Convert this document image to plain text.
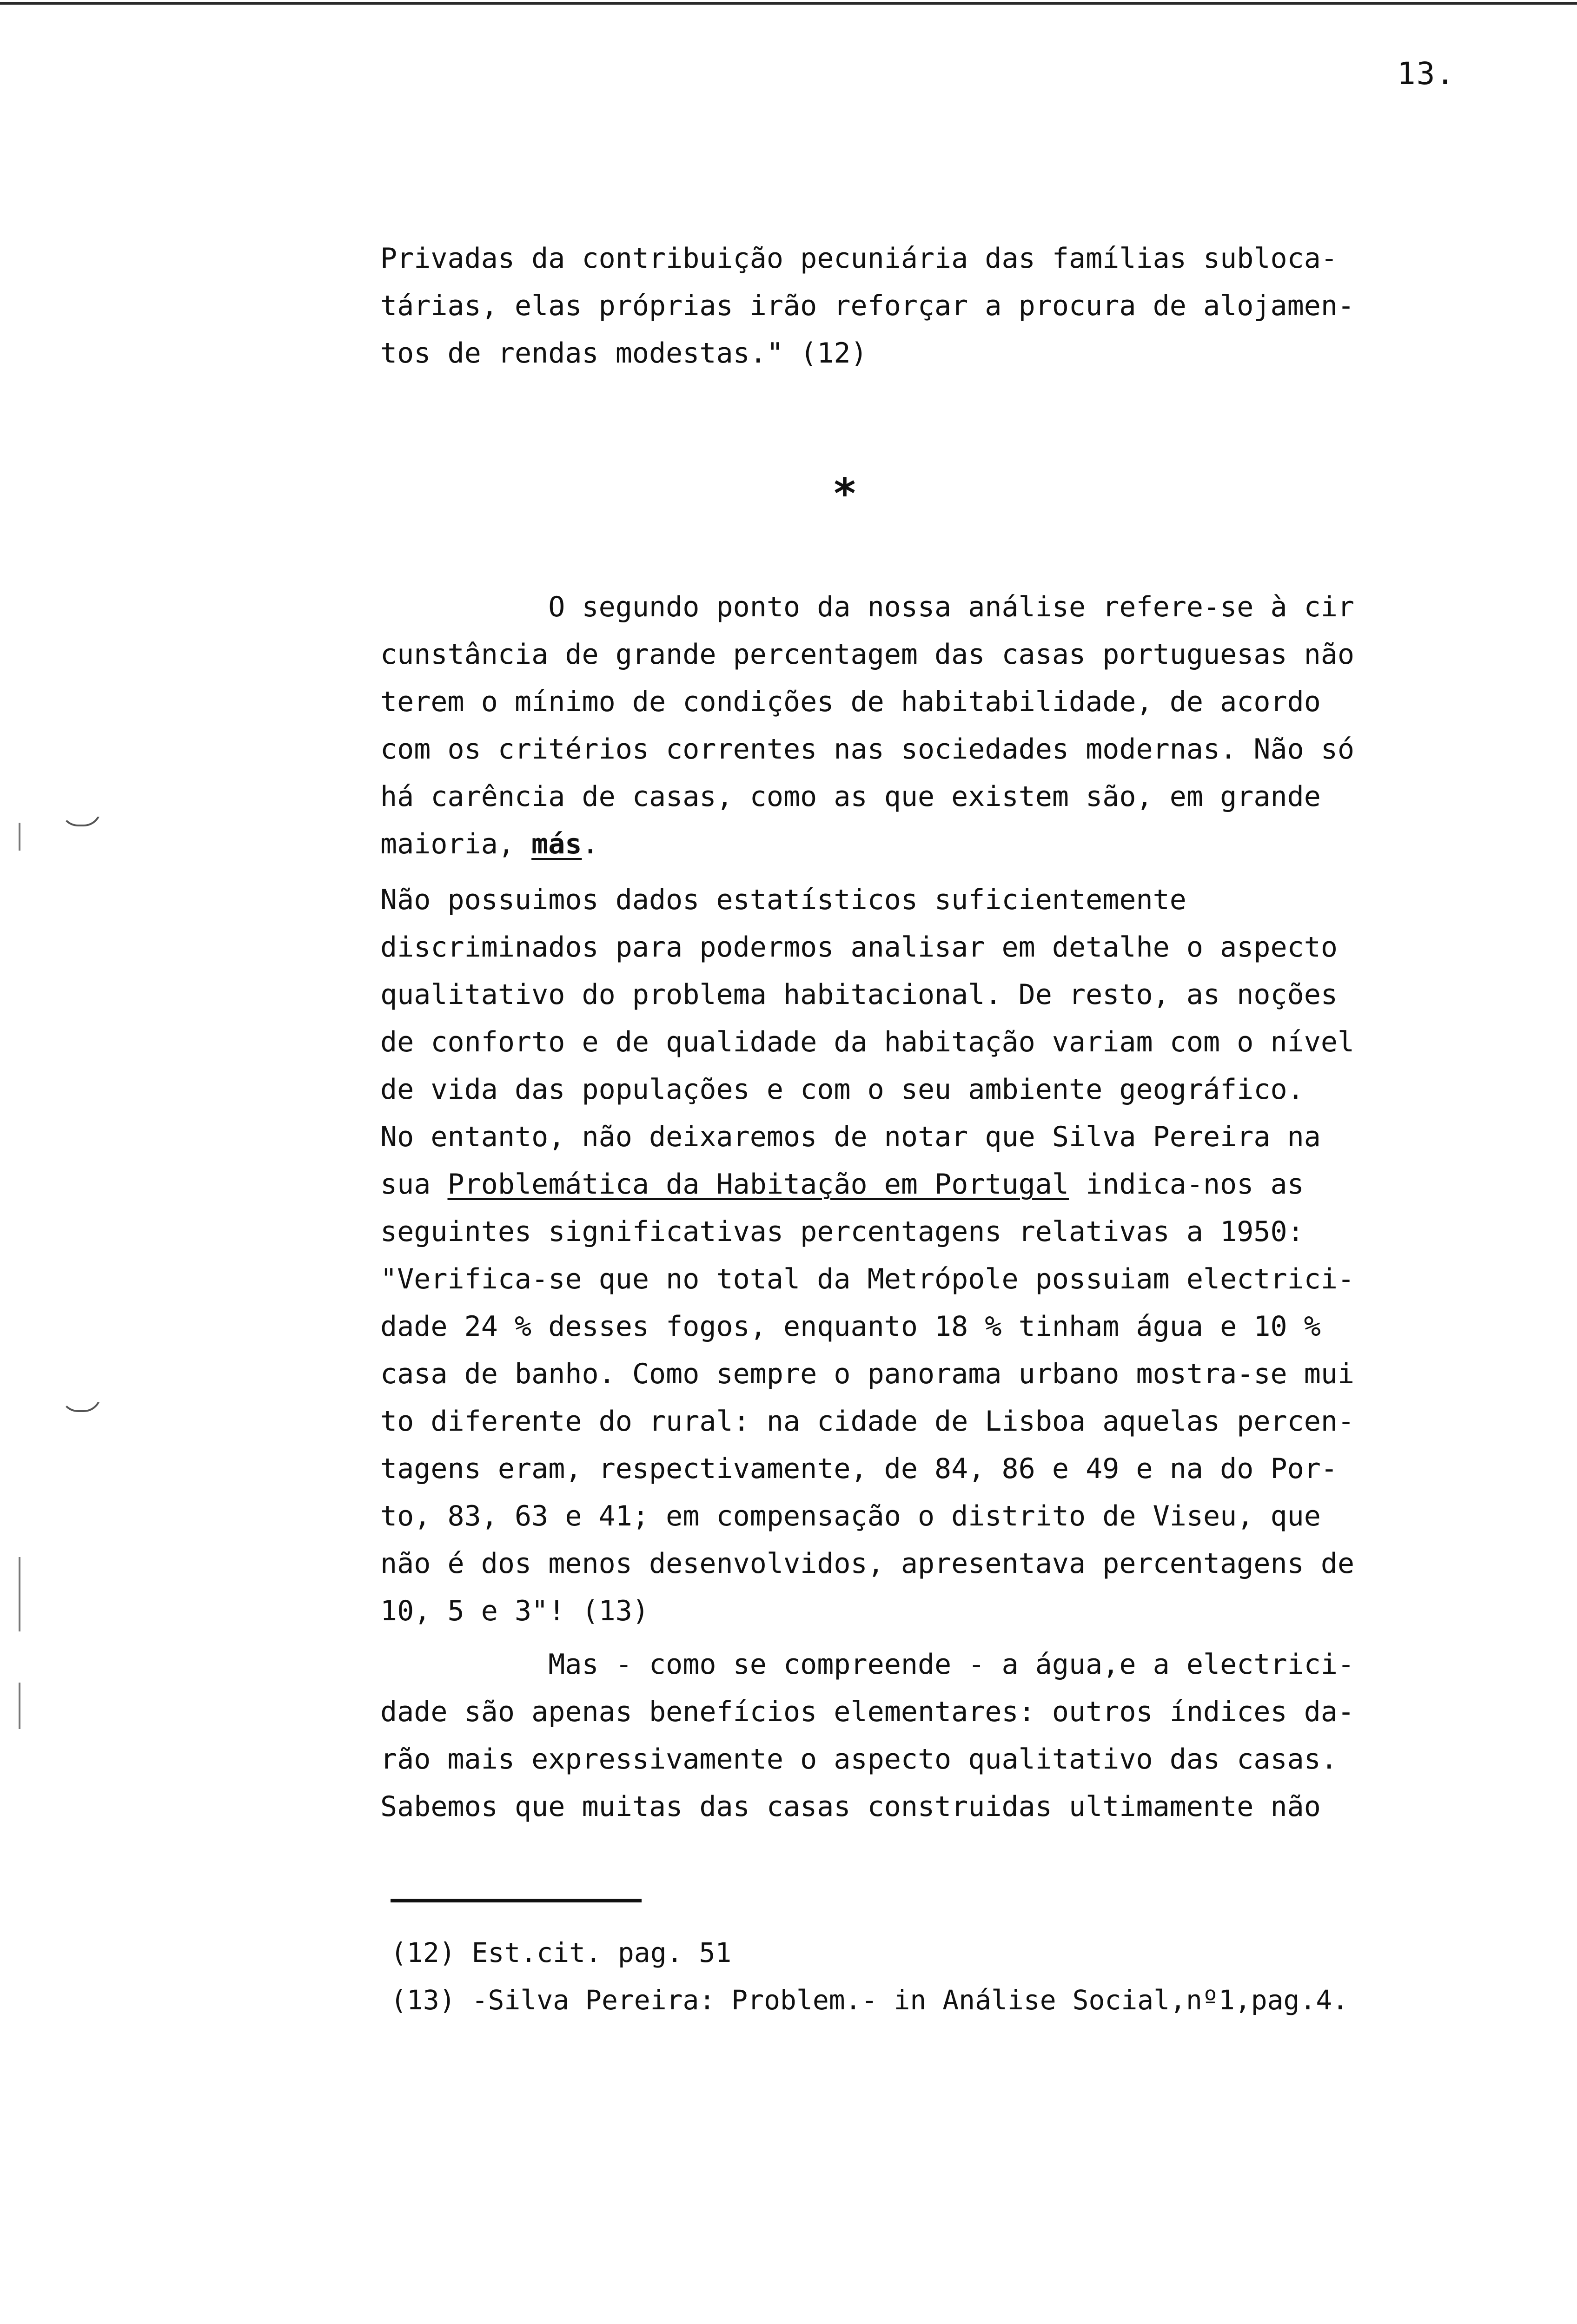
13.
Privadas da contribuição pecuniária das famílias subloca-
tárias, elas próprias irão reforçar a procura de alojamen-
tos de rendas modestas." (12)
*
O segundo ponto da nossa análise refere-se à cir
cunstância de grande percentagem das casas portuguesas não
terem o mínimo de condições de habitabilidade, de acordo
com os critérios correntes nas sociedades modernas. Não só
há carência de casas, como as que existem são, em grande
maioria, más.
Não possuimos dados estatísticos suficientemente
discriminados para podermos analisar em detalhe o aspecto
qualitativo do problema habitacional. De resto, as noções
de conforto e de qualidade da habitação variam com o nível
de vida das populações e com o seu ambiente geográfico.
No entanto, não deixaremos de notar que Silva Pereira na
sua Problemática da Habitação em Portugal indica-nos as
seguintes significativas percentagens relativas a 1950:
"Verifica-se que no total da Metrópole possuiam electrici-
dade 24 % desses fogos, enquanto 18 % tinham água e 10 %
casa de banho. Como sempre o panorama urbano mostra-se mui
to diferente do rural: na cidade de Lisboa aquelas percen-
tagens eram, respectivamente, de 84, 86 e 49 e na do Por-
to, 83, 63 e 41; em compensação o distrito de Viseu, que
não é dos menos desenvolvidos, apresentava percentagens de
10, 5 e 3"! (13)
Mas - como se compreende - a água,e a electrici-
dade são apenas benefícios elementares: outros índices da-
rão mais expressivamente o aspecto qualitativo das casas.
Sabemos que muitas das casas construidas ultimamente não
(12) Est.cit. pag. 51
(13) -Silva Pereira: Problem.- in Análise Social,nº1,pag.4.
